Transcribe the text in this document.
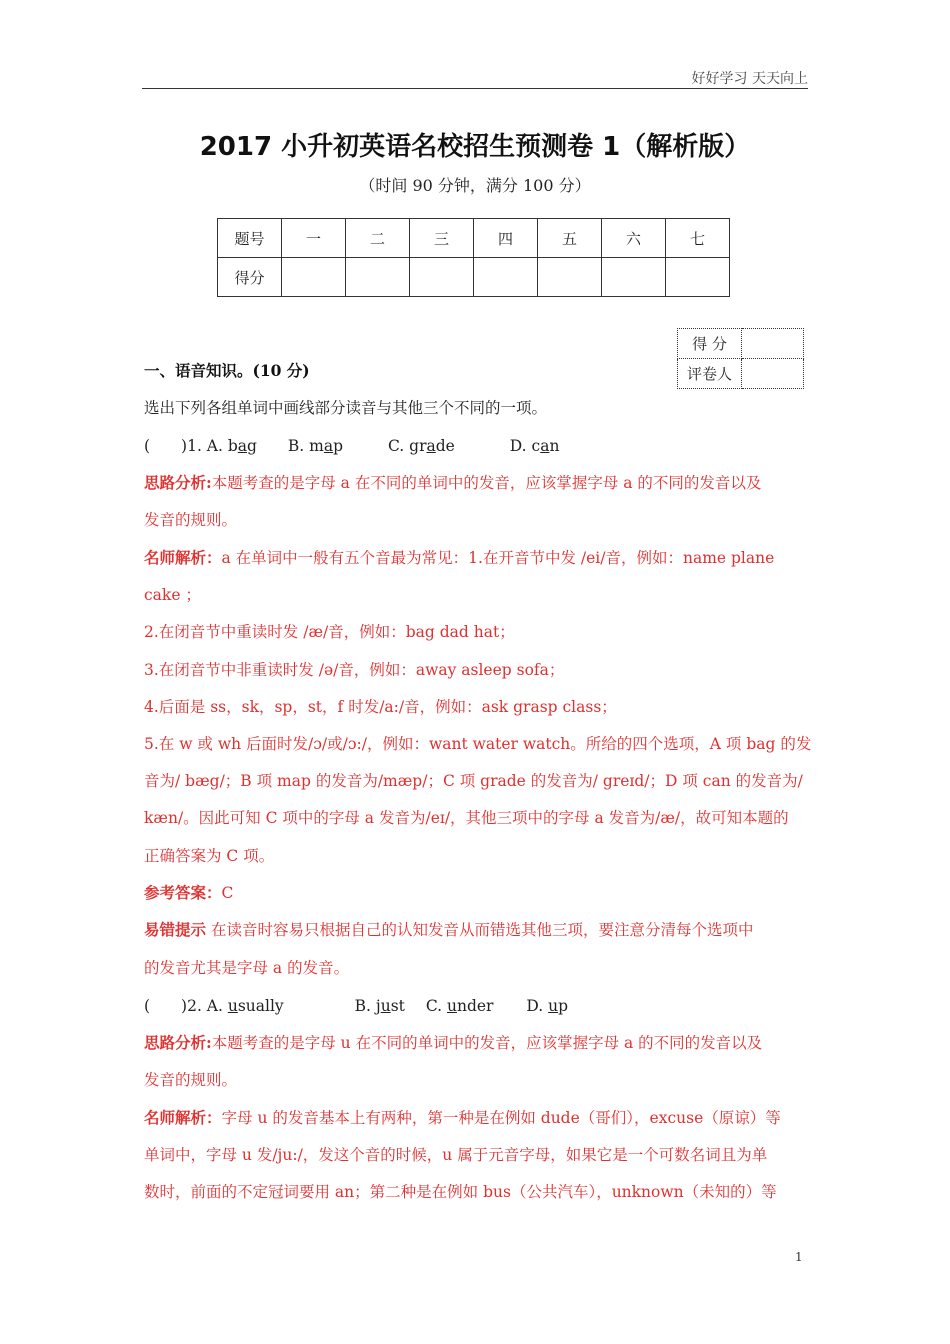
好好学习 天天向上
2017 小升初英语名校招生预测卷 1（解析版）
（时间 90 分钟，满分 100 分）
题号	一	二	三	四	五	六	七
得分							
得 分	
评卷人	
一、语音知识。(10 分)
选出下列各组单词中画线部分读音与其他三个不同的一项。
(　　)1. A. bag B. map	C. grade	D. can
思路分析:本题考查的是字母 a 在不同的单词中的发音，应该掌握字母 a 的不同的发音以及
发音的规则。
名师解析：a 在单词中一般有五个音最为常见：1.在开音节中发 /ei/音，例如：name plane
cake ；
2.在闭音节中重读时发 /æ/音，例如：bag dad hat；
3.在闭音节中非重读时发 /ə/音，例如：away asleep sofa；
4.后面是 ss，sk，sp，st，f 时发/a:/音，例如：ask grasp class；
5.在 w 或 wh 后面时发/ɔ/或/ɔ:/，例如：want water watch。所给的四个选项，A 项 bag 的发
音为/ bæg/；B 项 map 的发音为/mæp/；C 项 grade 的发音为/ greɪd/；D 项 can 的发音为/
kæn/。因此可知 C 项中的字母 a 发音为/eɪ/，其他三项中的字母 a 发音为/æ/，故可知本题的
正确答案为 C 项。
参考答案：C
易错提示 在读音时容易只根据自己的认知发音从而错选其他三项，要注意分清每个选项中
的发音尤其是字母 a 的发音。
(　　)2. A. usually	B. just C. under D. up
思路分析:本题考查的是字母 u 在不同的单词中的发音，应该掌握字母 a 的不同的发音以及
发音的规则。
名师解析：字母 u 的发音基本上有两种，第一种是在例如 dude（哥们），excuse（原谅）等
单词中，字母 u 发/ju:/，发这个音的时候，u 属于元音字母，如果它是一个可数名词且为单
数时，前面的不定冠词要用 an；第二种是在例如 bus（公共汽车），unknown（未知的）等
1
